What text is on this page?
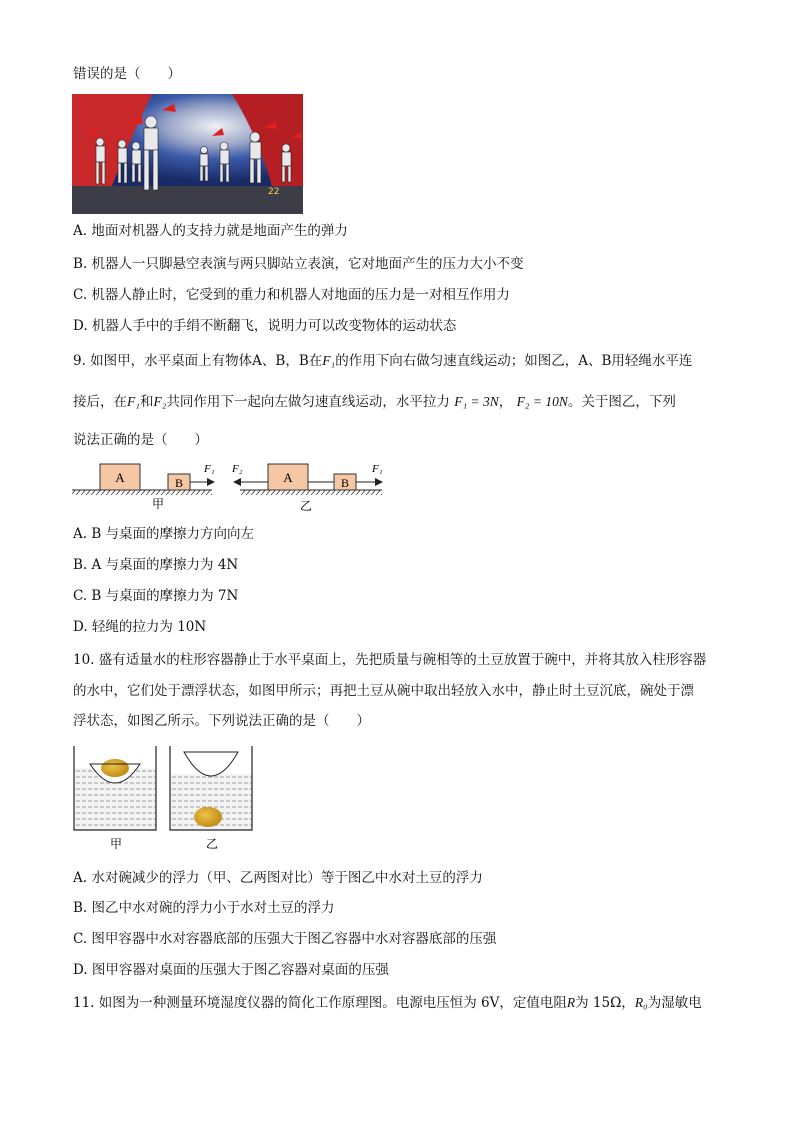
错误的是（　　）
22
A. 地面对机器人的支持力就是地面产生的弹力
B. 机器人一只脚悬空表演与两只脚站立表演，它对地面产生的压力大小不变
C. 机器人静止时，它受到的重力和机器人对地面的压力是一对相互作用力
D. 机器人手中的手绢不断翻飞，说明力可以改变物体的运动状态
9. 如图甲，水平桌面上有物体A、B，B在F₁的作用下向右做匀速直线运动；如图乙，A、B用轻绳水平连
接后，在F₁和F₂共同作用下一起向左做匀速直线运动，水平拉力 F₁ = 3N， F₂ = 10N。关于图乙，下列
说法正确的是（　　）
A	B
F₁
甲
A	B
F₁
F₂
乙
A. B 与桌面的摩擦力方向向左
B. A 与桌面的摩擦力为 4N
C. B 与桌面的摩擦力为 7N
D. 轻绳的拉力为 10N
10. 盛有适量水的柱形容器静止于水平桌面上，先把质量与碗相等的土豆放置于碗中，并将其放入柱形容器
的水中，它们处于漂浮状态，如图甲所示；再把土豆从碗中取出轻放入水中，静止时土豆沉底，碗处于漂
浮状态，如图乙所示。下列说法正确的是（　　）
甲	乙
A. 水对碗减少的浮力（甲、乙两图对比）等于图乙中水对土豆的浮力
B. 图乙中水对碗的浮力小于水对土豆的浮力
C. 图甲容器中水对容器底部的压强大于图乙容器中水对容器底部的压强
D. 图甲容器对桌面的压强大于图乙容器对桌面的压强
11. 如图为一种测量环境湿度仪器的简化工作原理图。电源电压恒为 6V，定值电阻R为 15Ω，R₀为湿敏电
